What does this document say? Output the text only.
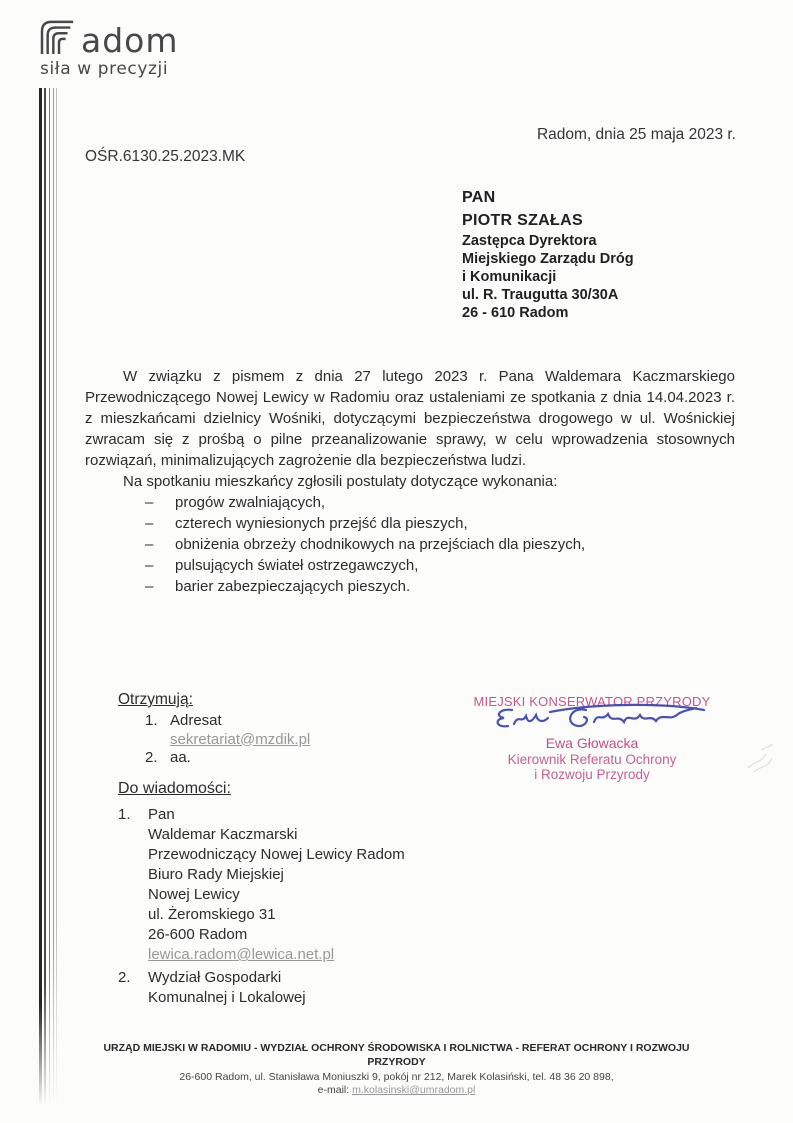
adom
siła w precyzji
Radom, dnia 25 maja 2023 r.
OŚR.6130.25.2023.MK
PAN
PIOTR SZAŁAS
Zastępca Dyrektora
Miejskiego Zarządu Dróg
i Komunikacji
ul. R. Traugutta 30/30A
26 - 610 Radom

W związku z pismem z dnia 27 lutego 2023 r. Pana Waldemara Kaczmarskiego Przewodniczącego Nowej Lewicy w Radomiu oraz ustaleniami ze spotkania z dnia 14.04.2023 r. z mieszkańcami dzielnicy Wośniki, dotyczącymi bezpieczeństwa drogowego w ul. Wośnickiej zwracam się z prośbą o pilne przeanalizowanie sprawy, w celu wprowadzenia stosownych rozwiązań, minimalizujących zagrożenie dla bezpieczeństwa ludzi.

Na spotkaniu mieszkańcy zgłosili postulaty dotyczące wykonania:

–	progów zwalniających,
–	czterech wyniesionych przejść dla pieszych,
–	obniżenia obrzeży chodnikowych na przejściach dla pieszych,
–	pulsujących świateł ostrzegawczych,
–	barier zabezpieczających pieszych.
Otrzymują:
1. Adresat
sekretariat@mzdik.pl
2. aa.
MIEJSKI KONSERWATOR PRZYRODY
Ewa Głowacka
Kierownik Referatu Ochrony
i Rozwoju Przyrody
Do wiadomości:
1.	Pan
Waldemar Kaczmarski
Przewodniczący Nowej Lewicy Radom
Biuro Rady Miejskiej
Nowej Lewicy
ul. Żeromskiego 31
26-600 Radom
lewica.radom@lewica.net.pl
2.	Wydział Gospodarki
Komunalnej i Lokalowej
URZĄD MIEJSKI W RADOMIU - WYDZIAŁ OCHRONY ŚRODOWISKA I ROLNICTWA - REFERAT OCHRONY I ROZWOJU
PRZYRODY
26-600 Radom, ul. Stanisława Moniuszki 9, pokój nr 212, Marek Kolasiński, tel. 48 36 20 898,
e-mail: m.kolasinski@umradom.pl
